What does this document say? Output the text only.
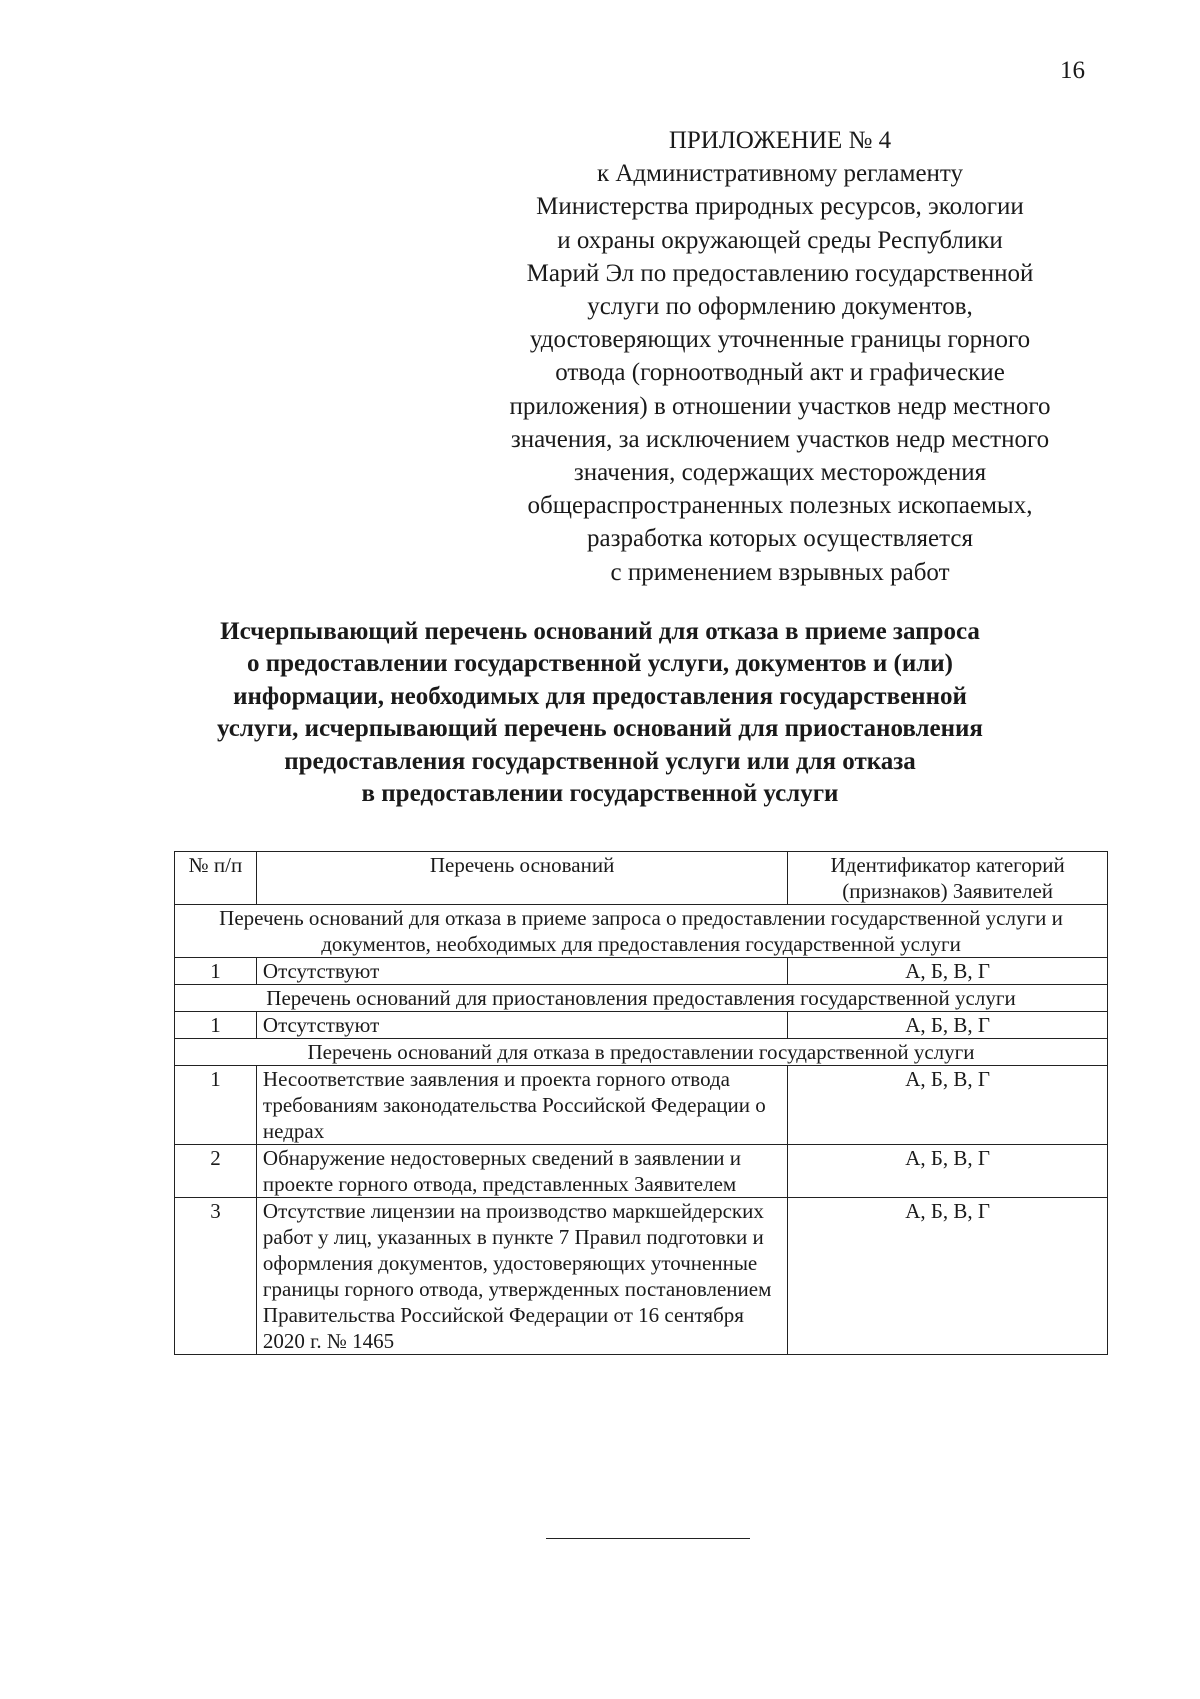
16
ПРИЛОЖЕНИЕ № 4
к Административному регламенту
Министерства природных ресурсов, экологии
и охраны окружающей среды Республики
Марий Эл по предоставлению государственной
услуги по оформлению документов,
удостоверяющих уточненные границы горного
отвода (горноотводный акт и графические
приложения) в отношении участков недр местного
значения, за исключением участков недр местного
значения, содержащих месторождения
общераспространенных полезных ископаемых,
разработка которых осуществляется
с применением взрывных работ
Исчерпывающий перечень оснований для отказа в приеме запроса
о предоставлении государственной услуги, документов и (или)
информации, необходимых для предоставления государственной
услуги, исчерпывающий перечень оснований для приостановления
предоставления государственной услуги или для отказа
в предоставлении государственной услуги
№ п/п	Перечень оснований	Идентификатор категорий (признаков) Заявителей
Перечень оснований для отказа в приеме запроса о предоставлении государственной услуги и документов, необходимых для предоставления государственной услуги		
1	Отсутствуют	А, Б, В, Г
Перечень оснований для приостановления предоставления государственной услуги		
1	Отсутствуют	А, Б, В, Г
Перечень оснований для отказа в предоставлении государственной услуги		
1	Несоответствие заявления и проекта горного отвода требованиям законодательства Российской Федерации о недрах	А, Б, В, Г
2	Обнаружение недостоверных сведений в заявлении и проекте горного отвода, представленных Заявителем	А, Б, В, Г
3	Отсутствие лицензии на производство маркшейдерских работ у лиц, указанных в пункте 7 Правил подготовки и оформления документов, удостоверяющих уточненные границы горного отвода, утвержденных постановлением Правительства Российской Федерации от 16 сентября 2020 г. № 1465	А, Б, В, Г
